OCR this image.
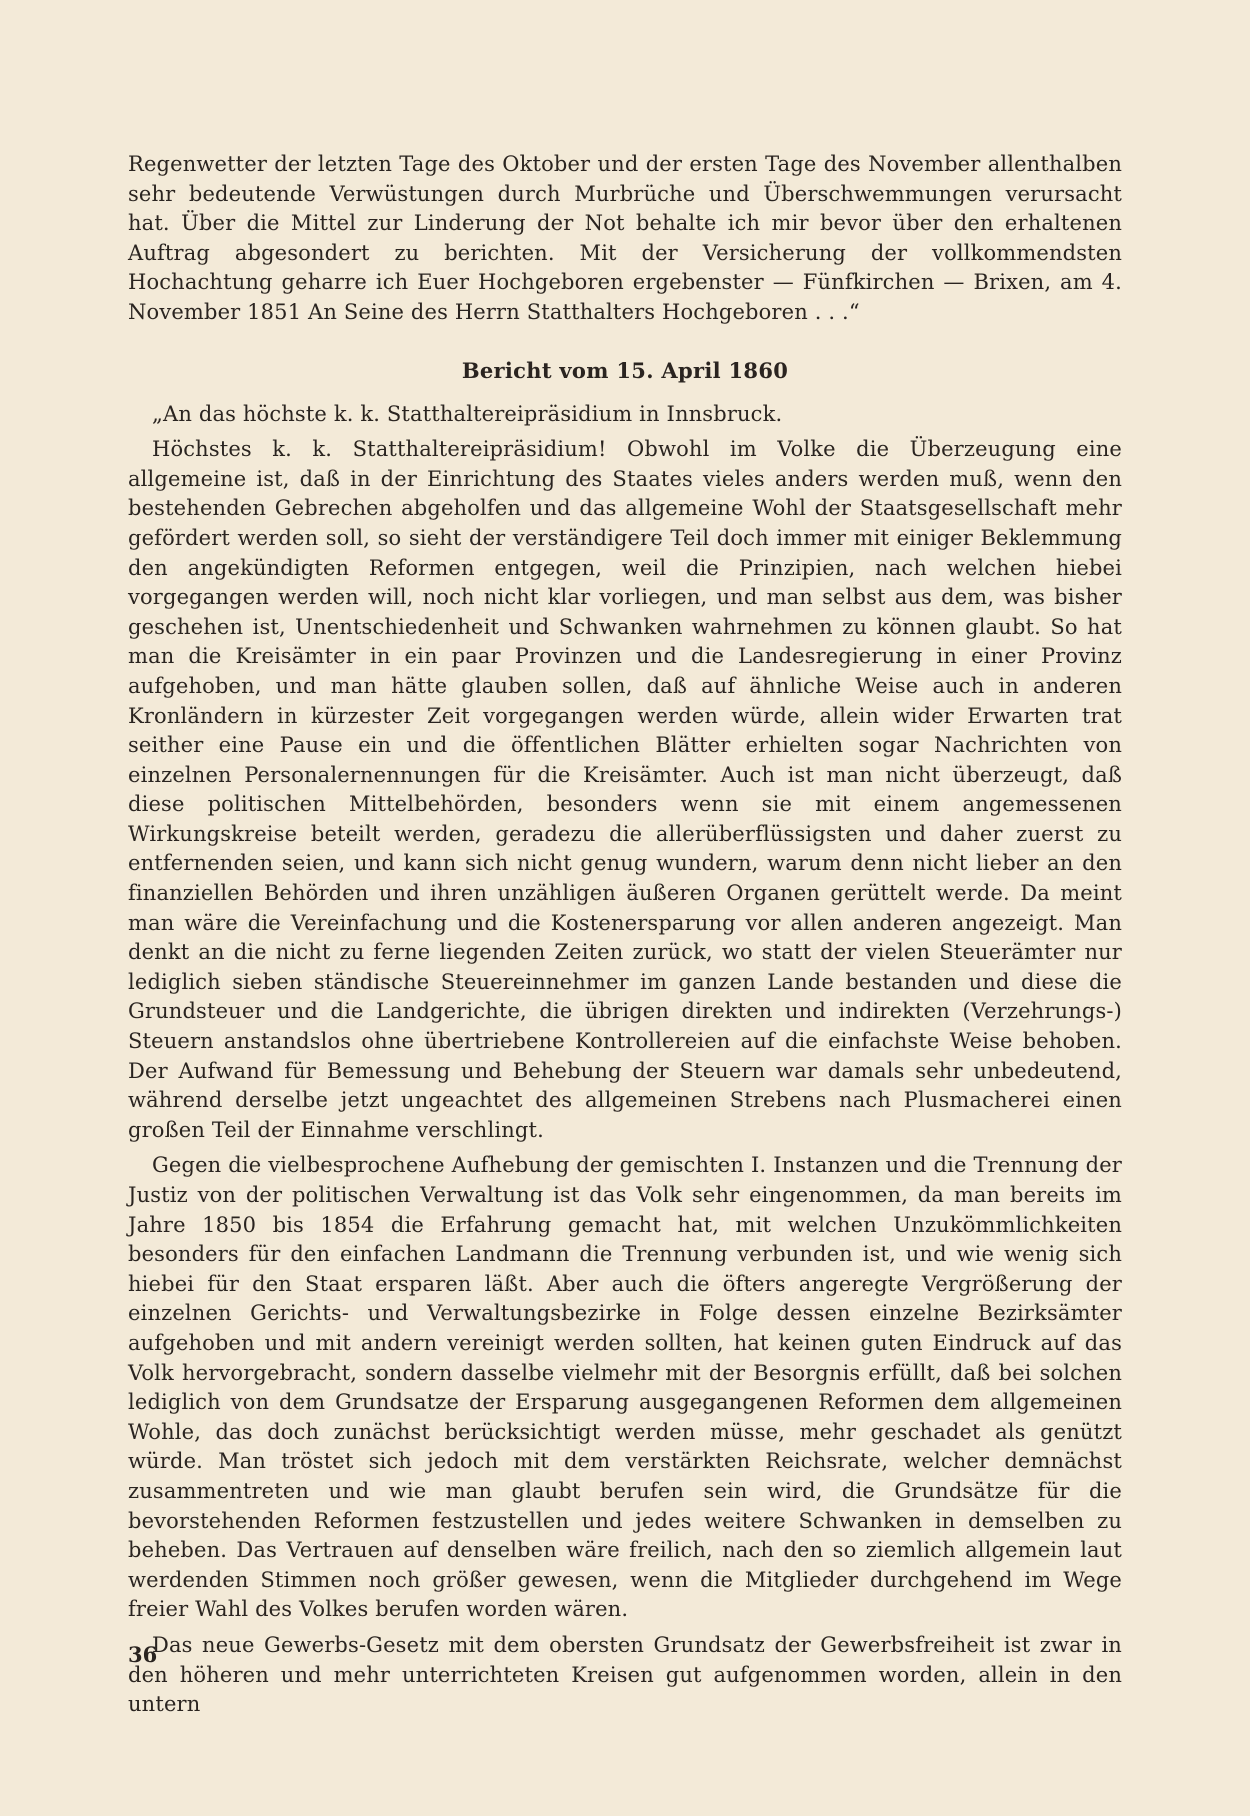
Regenwetter der letzten Tage des Oktober und der ersten Tage des November allenthalben sehr bedeutende Verwüstungen durch Murbrüche und Überschwemmungen verursacht hat. Über die Mittel zur Linderung der Not behalte ich mir bevor über den erhaltenen Auftrag abgesondert zu berichten. Mit der Versicherung der vollkommendsten Hochachtung geharre ich Euer Hochgeboren ergebenster — Fünfkirchen — Brixen, am 4. November 1851 An Seine des Herrn Statthalters Hochgeboren . . .“

Bericht vom 15. April 1860

„An das höchste k. k. Statthaltereipräsidium in Innsbruck.

Höchstes k. k. Statthaltereipräsidium! Obwohl im Volke die Überzeugung eine allgemeine ist, daß in der Einrichtung des Staates vieles anders werden muß, wenn den bestehenden Gebrechen abgeholfen und das allgemeine Wohl der Staatsgesellschaft mehr gefördert werden soll, so sieht der verständigere Teil doch immer mit einiger Beklemmung den angekündigten Reformen entgegen, weil die Prinzipien, nach welchen hiebei vorgegangen werden will, noch nicht klar vorliegen, und man selbst aus dem, was bisher geschehen ist, Unentschiedenheit und Schwanken wahrnehmen zu können glaubt. So hat man die Kreisämter in ein paar Provinzen und die Landesregierung in einer Provinz aufgehoben, und man hätte glauben sollen, daß auf ähnliche Weise auch in anderen Kronländern in kürzester Zeit vorgegangen werden würde, allein wider Erwarten trat seither eine Pause ein und die öffentlichen Blätter erhielten sogar Nachrichten von einzelnen Personalernennungen für die Kreisämter. Auch ist man nicht überzeugt, daß diese politischen Mittelbehörden, besonders wenn sie mit einem angemessenen Wirkungskreise beteilt werden, geradezu die allerüberflüssigsten und daher zuerst zu entfernenden seien, und kann sich nicht genug wundern, warum denn nicht lieber an den finanziellen Behörden und ihren unzähligen äußeren Organen gerüttelt werde. Da meint man wäre die Vereinfachung und die Kostenersparung vor allen anderen angezeigt. Man denkt an die nicht zu ferne liegenden Zeiten zurück, wo statt der vielen Steuerämter nur lediglich sieben ständische Steuereinnehmer im ganzen Lande bestanden und diese die Grundsteuer und die Landgerichte, die übrigen direkten und indirekten (Verzehrungs-) Steuern anstandslos ohne übertriebene Kontrollereien auf die einfachste Weise behoben. Der Aufwand für Bemessung und Behebung der Steuern war damals sehr unbedeutend, während derselbe jetzt ungeachtet des allgemeinen Strebens nach Plusmacherei einen großen Teil der Einnahme verschlingt.

Gegen die vielbesprochene Aufhebung der gemischten I. Instanzen und die Trennung der Justiz von der politischen Verwaltung ist das Volk sehr eingenommen, da man bereits im Jahre 1850 bis 1854 die Erfahrung gemacht hat, mit welchen Unzukömmlichkeiten besonders für den einfachen Landmann die Trennung verbunden ist, und wie wenig sich hiebei für den Staat ersparen läßt. Aber auch die öfters angeregte Vergrößerung der einzelnen Gerichts- und Verwaltungsbezirke in Folge dessen einzelne Bezirksämter aufgehoben und mit andern vereinigt werden sollten, hat keinen guten Eindruck auf das Volk hervorgebracht, sondern dasselbe vielmehr mit der Besorgnis erfüllt, daß bei solchen lediglich von dem Grundsatze der Ersparung ausgegangenen Reformen dem allgemeinen Wohle, das doch zunächst berücksichtigt werden müsse, mehr geschadet als genützt würde. Man tröstet sich jedoch mit dem verstärkten Reichsrate, welcher demnächst zusammentreten und wie man glaubt berufen sein wird, die Grundsätze für die bevorstehenden Reformen festzustellen und jedes weitere Schwanken in demselben zu beheben. Das Vertrauen auf denselben wäre freilich, nach den so ziemlich allgemein laut werdenden Stimmen noch größer gewesen, wenn die Mitglieder durchgehend im Wege freier Wahl des Volkes berufen worden wären.

Das neue Gewerbs-Gesetz mit dem obersten Grundsatz der Gewerbsfreiheit ist zwar in den höheren und mehr unterrichteten Kreisen gut aufgenommen worden, allein in den untern

36
